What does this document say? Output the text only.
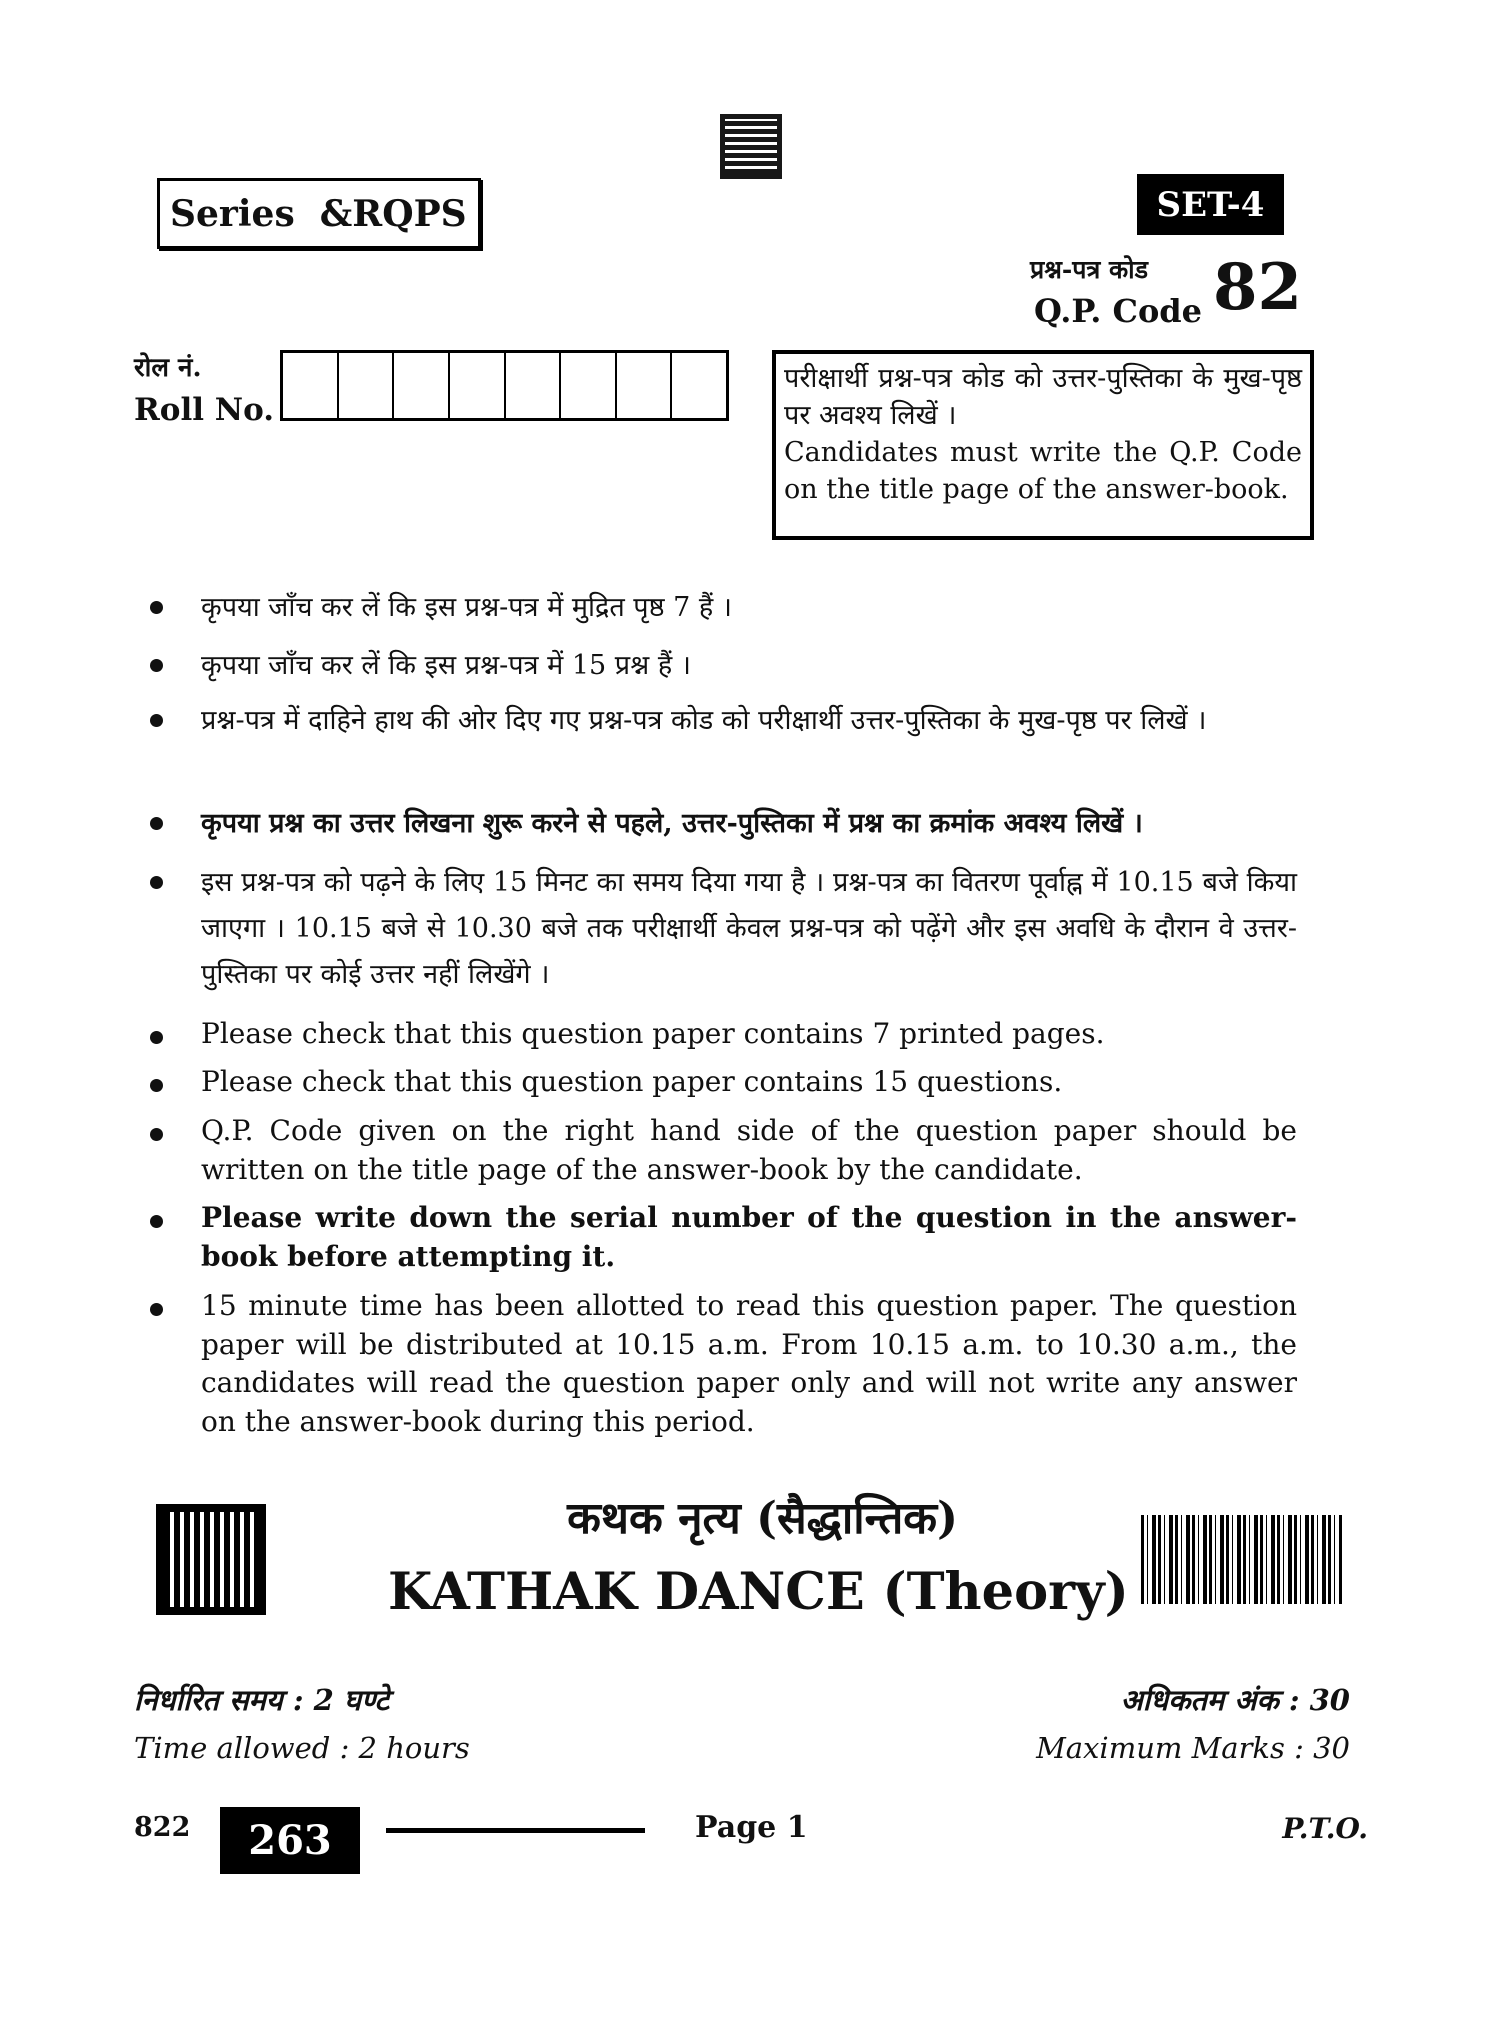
Series  &RQPS	SET-4
प्रश्न-पत्र कोड
Q.P. Code 82
रोल नं.
Roll No.
परीक्षार्थी प्रश्न-पत्र कोड को उत्तर-पुस्तिका के मुख-पृष्ठ पर अवश्य लिखें ।
Candidates must write the Q.P. Code on the title page of the answer-book.
कृपया जाँच कर लें कि इस प्रश्न-पत्र में मुद्रित पृष्ठ 7 हैं ।
कृपया जाँच कर लें कि इस प्रश्न-पत्र में 15 प्रश्न हैं ।
प्रश्न-पत्र में दाहिने हाथ की ओर दिए गए प्रश्न-पत्र कोड को परीक्षार्थी उत्तर-पुस्तिका के मुख-पृष्ठ पर लिखें ।
कृपया प्रश्न का उत्तर लिखना शुरू करने से पहले, उत्तर-पुस्तिका में प्रश्न का क्रमांक अवश्य लिखें ।
इस प्रश्न-पत्र को पढ़ने के लिए 15 मिनट का समय दिया गया है । प्रश्न-पत्र का वितरण पूर्वाह्न में 10.15 बजे किया जाएगा । 10.15 बजे से 10.30 बजे तक परीक्षार्थी केवल प्रश्न-पत्र को पढ़ेंगे और इस अवधि के दौरान वे उत्तर-पुस्तिका पर कोई उत्तर नहीं लिखेंगे ।
Please check that this question paper contains 7 printed pages.
Please check that this question paper contains 15 questions.
Q.P. Code given on the right hand side of the question paper should be written on the title page of the answer-book by the candidate.
Please write down the serial number of the question in the answer-book before attempting it.
15 minute time has been allotted to read this question paper. The question paper will be distributed at 10.15 a.m. From 10.15 a.m. to 10.30 a.m., the candidates will read the question paper only and will not write any answer on the answer-book during this period.
कथक नृत्य (सैद्धान्तिक)
KATHAK DANCE (Theory)
निर्धारित समय : 2 घण्टे
Time allowed : 2 hours
अधिकतम अंक : 30
Maximum Marks : 30
822	263	Page 1	P.T.O.
